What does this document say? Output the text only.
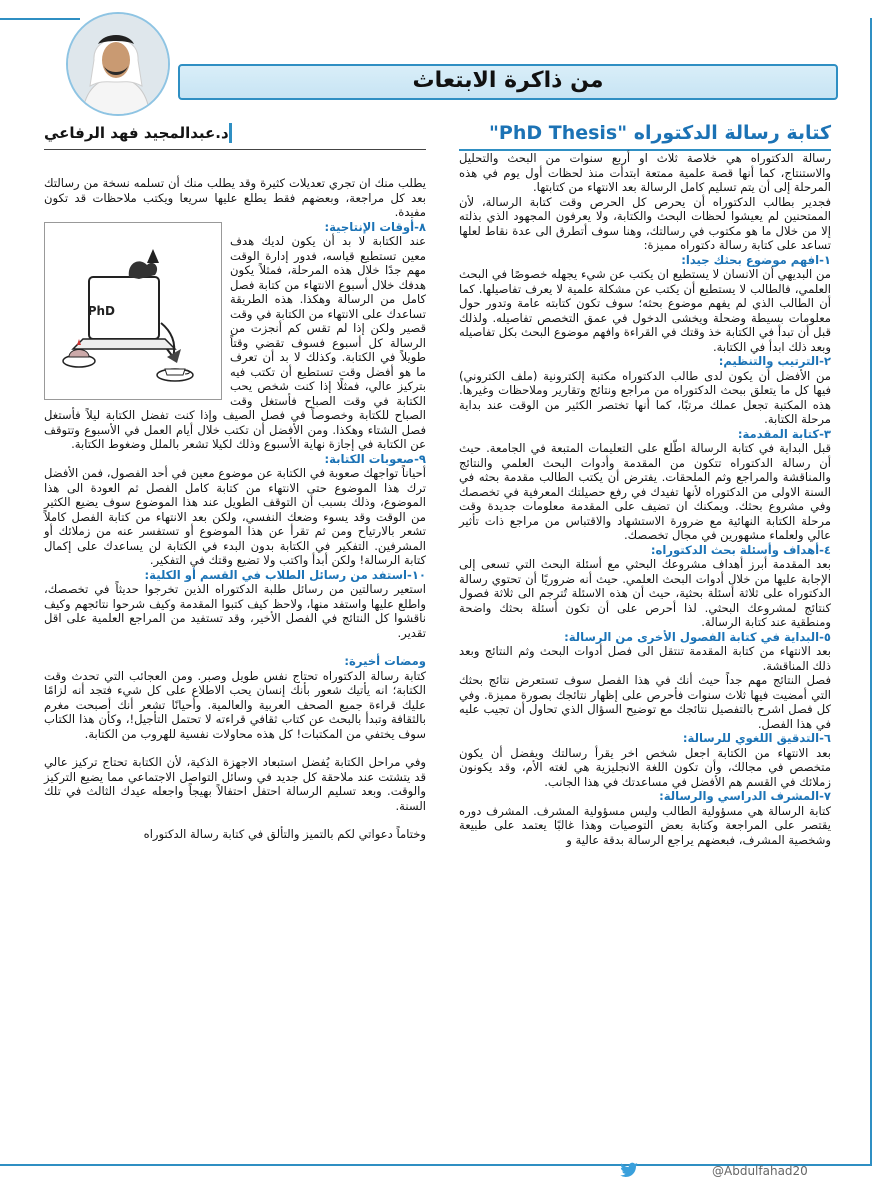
من ذاكرة الابتعاث
كتابة رسالة الدكتوراه "PhD Thesis"

رسالة الدكتوراه هي خلاصة ثلاث او أربع سنوات من البحث والتحليل والاستنتاج، كما أنها قصة علمية ممتعة ابتدأت منذ لحظات أول يوم في هذه المرحلة إلى أن يتم تسليم كامل الرسالة بعد الانتهاء من كتابتها.

فجدير بطالب الدكتوراه أن يحرص كل الحرص وقت كتابة الرسالة، لأن الممتحنين لم يعيشوا لحظات البحث والكتابة، ولا يعرفون المجهود الذي بذلته إلا من خلال ما هو مكتوب في رسالتك، وهنا سوف أتطرق الى عدة نقاط لعلها تساعد على كتابة رسالة دكتوراه مميزة:

١-افهم موضوع بحثك جيدا:

من البديهي أن الانسان لا يستطيع ان يكتب عن شيء يجهله خصوصًا في البحث العلمي، فالطالب لا يستطيع أن يكتب عن مشكلة علمية لا يعرف تفاصيلها. كما أن الطالب الذي لم يفهم موضوع بحثه؛ سوف تكون كتابته عامة وتدور حول معلومات بسيطة وضحلة ويخشى الدخول في عمق التخصص تفاصيله. ولذلك قبل أن تبدأ في الكتابة خذ وقتك في القراءة وافهم موضوع البحث بكل تفاصيله وبعد ذلك ابدأ في الكتابة.

٢-الترتيب والتنظيم:

من الأفضل أن يكون لدى طالب الدكتوراه مكتبة إلكترونية (ملف الكتروني) فيها كل ما يتعلق ببحث الدكتوراه من مراجع ونتائج وتقارير وملاحظات وغيرها. هذه المكتبة تجعل عملك مرتبًا، كما أنها تختصر الكثير من الوقت عند بداية مرحلة الكتابة.

٣-كتابة المقدمة:

قبل البداية في كتابة الرسالة اطّلع على التعليمات المتبعة في الجامعة. حيث أن رسالة الدكتوراه تتكون من المقدمة وأدوات البحث العلمي والنتائج والمناقشة والمراجع وثم الملحقات. يفترض أن يكتب الطالب مقدمة بحثه في السنة الاولى من الدكتوراه لأنها تفيدك في رفع حصيلتك المعرفية في تخصصك وفي مشروع بحثك. ويمكنك ان تضيف على المقدمة معلومات جديدة وقت مرحلة الكتابة النهائية مع ضرورة الاستشهاد والاقتباس من مراجع ذات تأثير عالي ولعلماء مشهورين في مجال تخصصك.

٤-أهداف وأسئلة بحث الدكتوراه:

بعد المقدمة أبرز أهداف مشروعك البحثي مع أسئلة البحث التي تسعى إلى الإجابة عليها من خلال أدوات البحث العلمي. حيث أنه ضروريًا أن تحتوي رسالة الدكتوراه على ثلاثة أسئلة بحثية، حيث أن هذه الاسئلة تُترجم الى ثلاثة فصول كنتائج لمشروعك البحثي. لذا أحرص على أن تكون أسئلة بحثك واضحة ومنطقية عند كتابة الرسالة.

٥-البداية في كتابة الفصول الأخرى من الرسالة:

بعد الانتهاء من كتابة المقدمة تنتقل الى فصل أدوات البحث وثم النتائج وبعد ذلك المناقشة.

فصل النتائج مهم جداً حيث أنك في هذا الفصل سوف تستعرض نتائج بحثك التي أمضيت فيها ثلاث سنوات فأحرص على إظهار نتائجك بصورة مميزة. وفي كل فصل اشرح بالتفصيل نتائجك مع توضيح السؤال الذي تحاول أن تجيب عليه في هذا الفصل.

٦-التدقيق اللغوي للرسالة:

بعد الانتهاء من الكتابة اجعل شخص اخر يقرأ رسالتك ويفضل أن يكون متخصص في مجالك، وأن تكون اللغة الانجليزية هي لغته الأم، وقد يكونون زملائك في القسم هم الأفضل في مساعدتك في هذا الجانب.

٧-المشرف الدراسي والرسالة:

كتابة الرسالة هي مسؤولية الطالب وليس مسؤولية المشرف. المشرف دوره يقتصر على المراجعة وكتابة بعض التوصيات وهذا غالبًا يعتمد على طبيعة وشخصية المشرف، فبعضهم يراجع الرسالة بدقة عالية و

د.عبدالمجيد فهد الرفاعي

يطلب منك ان تجري تعديلات كثيرة وقد يطلب منك أن تسلمه نسخة من رسالتك بعد كل مراجعة، وبعضهم فقط يطلع عليها سريعا ويكتب ملاحظات قد تكون مفيدة.

PhD

٨-أوقات الإنتاجية:

عند الكتابة لا بد أن يكون لديك هدف معين تستطيع قياسه، فدور إدارة الوقت مهم جدًا خلال هذه المرحلة، فمثلاً يكون هدفك خلال أسبوع الانتهاء من كتابة فصل كامل من الرسالة وهكذا. هذه الطريقة تساعدك على الانتهاء من الكتابة في وقت قصير ولكن إذا لم تقس كم أنجزت من الرسالة كل أسبوع فسوف تقضي وقتاً طويلاً في الكتابة. وكذلك لا بد أن تعرف ما هو أفضل وقت تستطيع أن تكتب فيه بتركيز عالي، فمثلًا إذا كنت شخص يحب الكتابة في وقت الصباح فأستغل وقت الصباح للكتابة وخصوصاً في فصل الصيف وإذا كنت تفضل الكتابة ليلاً فأستغل فصل الشتاء وهكذا. ومن الأفضل أن تكتب خلال أيام العمل في الأسبوع وتتوقف عن الكتابة في إجازة نهاية الأسبوع وذلك لكيلا تشعر بالملل وضغوط الكتابة.

٩-صعوبات الكتابة:

أحياناً تواجهك صعوبة في الكتابة عن موضوع معين في أحد الفصول، فمن الأفضل ترك هذا الموضوع حتى الانتهاء من كتابة كامل الفصل ثم العودة الى هذا الموضوع، وذلك بسبب أن التوقف الطويل عند هذا الموضوع سوف يضيع الكثير من الوقت وقد يسوء وضعك النفسي، ولكن بعد الانتهاء من كتابة الفصل كاملاً تشعر بالارتياح ومن ثم تقرأ عن هذا الموضوع أو تستفسر عنه من زملائك أو المشرفين. التفكير في الكتابة بدون البدء في الكتابة لن يساعدك على إكمال كتابة الرسالة! ولكن أبدأ واكتب ولا تضيع وقتك في التفكير.

١٠-استفد من رسائل الطلاب في القسم أو الكلية:

استعير رسالتين من رسائل طلبة الدكتوراه الذين تخرجوا حديثاً في تخصصك، واطلع عليها واستفد منها، ولاحظ كيف كتبوا المقدمة وكيف شرحوا نتائجهم وكيف ناقشوا كل النتائج في الفصل الأخير، وقد تستفيد من المراجع العلمية على اقل تقدير.

ومضات أخيرة:

كتابة رسالة الدكتوراه تحتاج نفس طويل وصبر. ومن العجائب التي تحدث وقت الكتابة؛ انه يأتيك شعور بأنك إنسان يحب الاطلاع على كل شيء فتجد أنه لزامًا عليك قراءة جميع الصحف العربية والعالمية. وأحيانًا تشعر أنك أصبحت مغرم بالثقافة وتبدأ بالبحث عن كتاب ثقافي قراءته لا تحتمل التأجيل!، وكأن هذا الكتاب سوف يختفي من المكتبات! كل هذه محاولات نفسية للهروب من الكتابة.

وفي مراحل الكتابة يُفضل استبعاد الاجهزة الذكية، لأن الكتابة تحتاج تركيز عالي قد يتشتت عند ملاحقة كل جديد في وسائل التواصل الاجتماعي مما يضيع التركيز والوقت. وبعد تسليم الرسالة احتفل احتفالاً بهيجاً واجعله عيدك الثالث في تلك السنة.

وختاماً دعواتي لكم بالتميز والتألق في كتابة رسالة الدكتوراه

@Abdulfahad20
